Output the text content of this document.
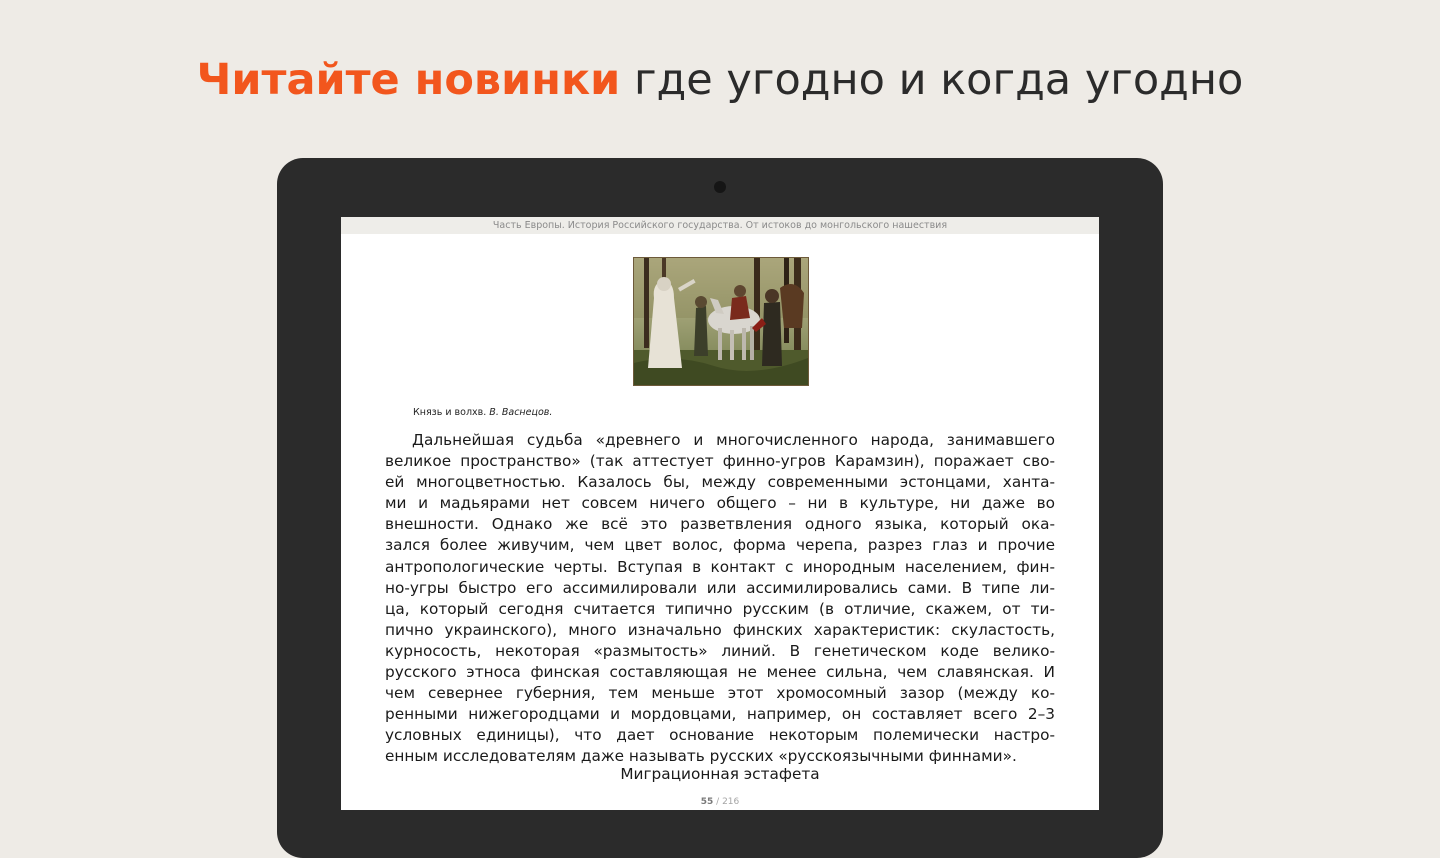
Читайте новинки где угодно и когда угодно
Часть Европы. История Российского государства. От истоков до монгольского нашествия
Князь и волхв. В. Васнецов.
Дальнейшая судьба «древнего и многочисленного народа, занимавшего
великое пространство» (так аттестует финно-угров Карамзин), поражает сво-
ей многоцветностью. Казалось бы, между современными эстонцами, ханта-
ми и мадьярами нет совсем ничего общего – ни в культуре, ни даже во
внешности. Однако же всё это разветвления одного языка, который ока-
зался более живучим, чем цвет волос, форма черепа, разрез глаз и прочие
антропологические черты. Вступая в контакт с инородным населением, фин-
но-угры быстро его ассимилировали или ассимилировались сами. В типе ли-
ца, который сегодня считается типично русским (в отличие, скажем, от ти-
пично украинского), много изначально финских характеристик: скуластость,
курносость, некоторая «размытость» линий. В генетическом коде велико-
русского этноса финская составляющая не менее сильна, чем славянская. И
чем севернее губерния, тем меньше этот хромосомный зазор (между ко-
ренными нижегородцами и мордовцами, например, он составляет всего 2–3
условных единицы), что дает основание некоторым полемически настро-
енным исследователям даже называть русских «русскоязычными финнами».
Миграционная эстафета
55 / 216
